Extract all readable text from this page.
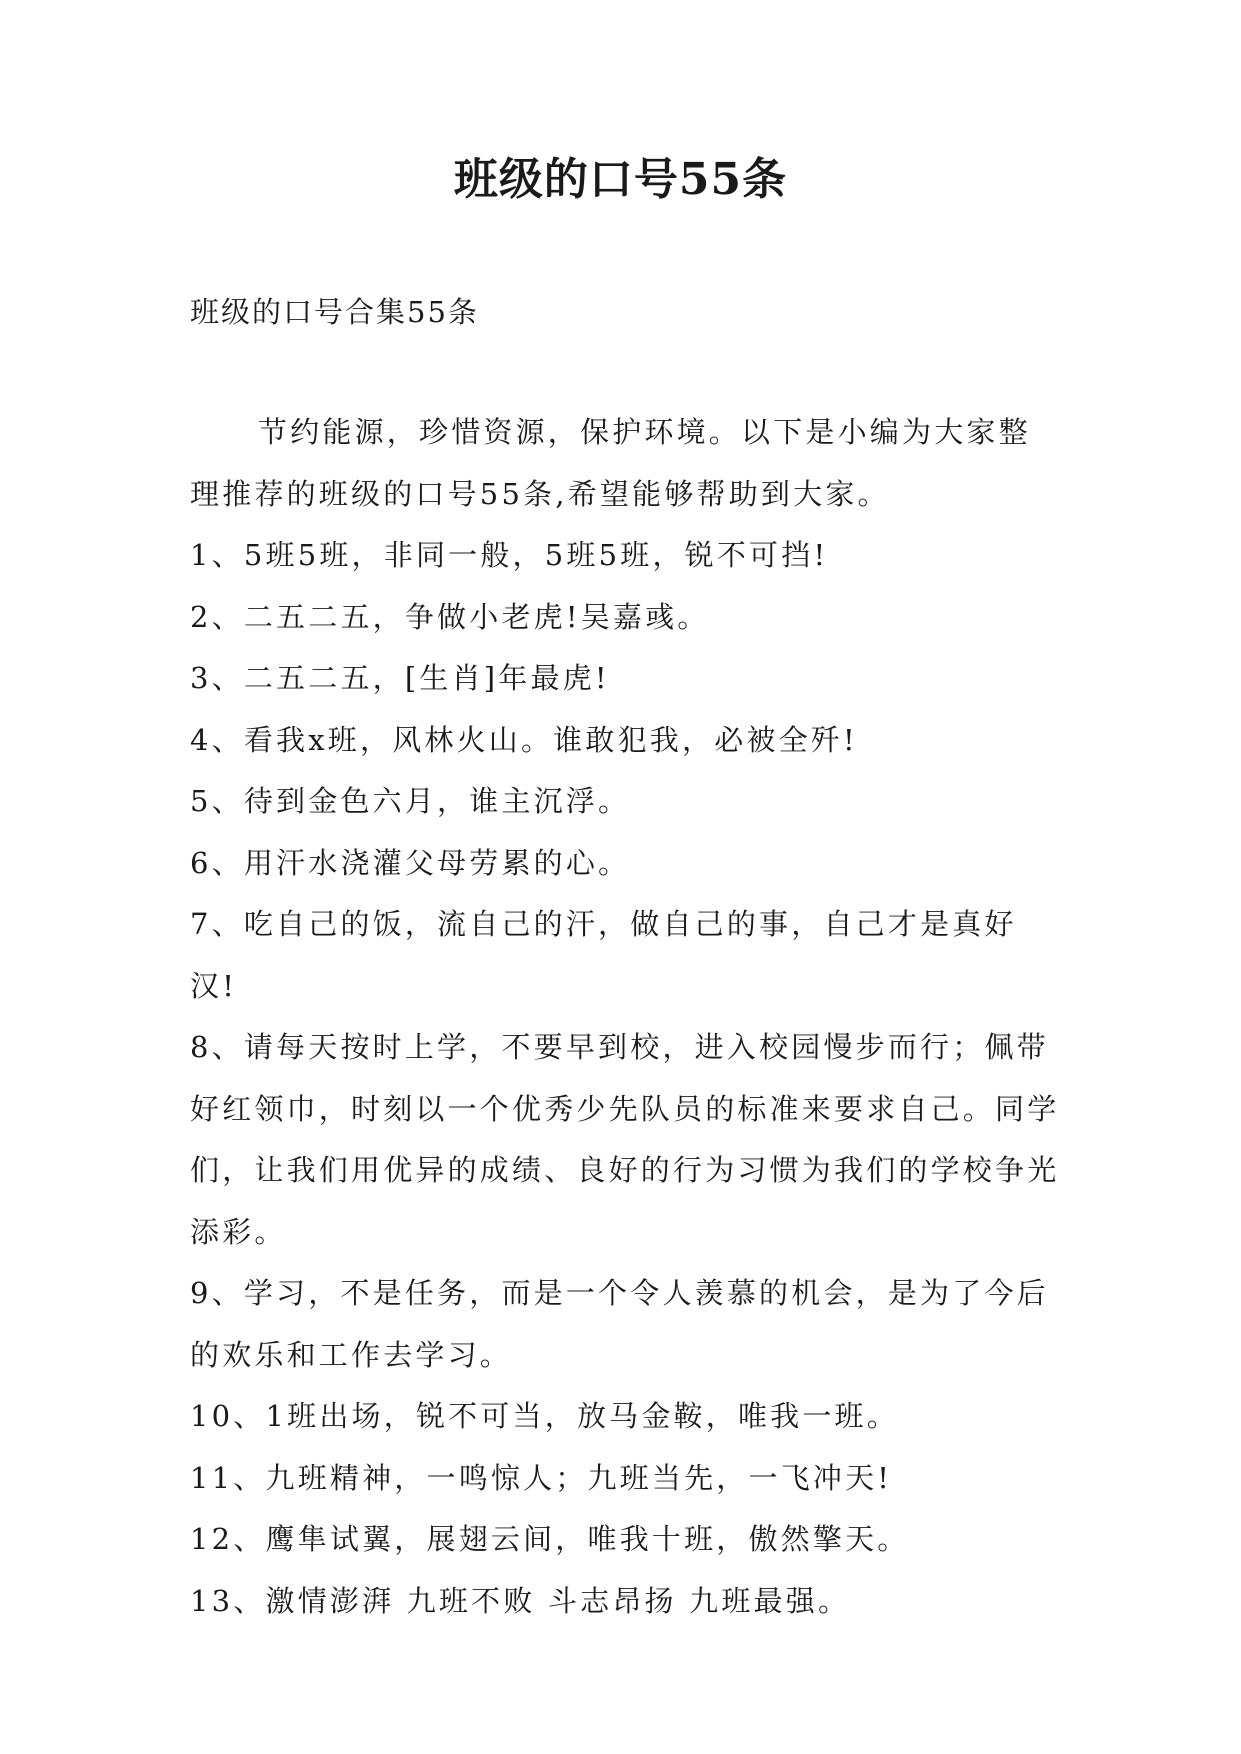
班级的口号55条

班级的口号合集55条

节约能源，珍惜资源，保护环境。以下是小编为大家整理推荐的班级的口号55条,希望能够帮助到大家。

1、5班5班，非同一般，5班5班，锐不可挡!

2、二五二五，争做小老虎!吴嘉彧。

3、二五二五，[生肖]年最虎!

4、看我x班，风林火山。谁敢犯我，必被全歼!

5、待到金色六月，谁主沉浮。

6、用汗水浇灌父母劳累的心。

7、吃自己的饭，流自己的汗，做自己的事，自己才是真好汉!

8、请每天按时上学，不要早到校，进入校园慢步而行；佩带好红领巾，时刻以一个优秀少先队员的标准来要求自己。同学们，让我们用优异的成绩、良好的行为习惯为我们的学校争光添彩。

9、学习，不是任务，而是一个令人羡慕的机会，是为了今后的欢乐和工作去学习。

10、1班出场，锐不可当，放马金鞍，唯我一班。

11、九班精神，一鸣惊人；九班当先，一飞冲天!

12、鹰隼试翼，展翅云间，唯我十班，傲然擎天。

13、激情澎湃 九班不败 斗志昂扬 九班最强。
